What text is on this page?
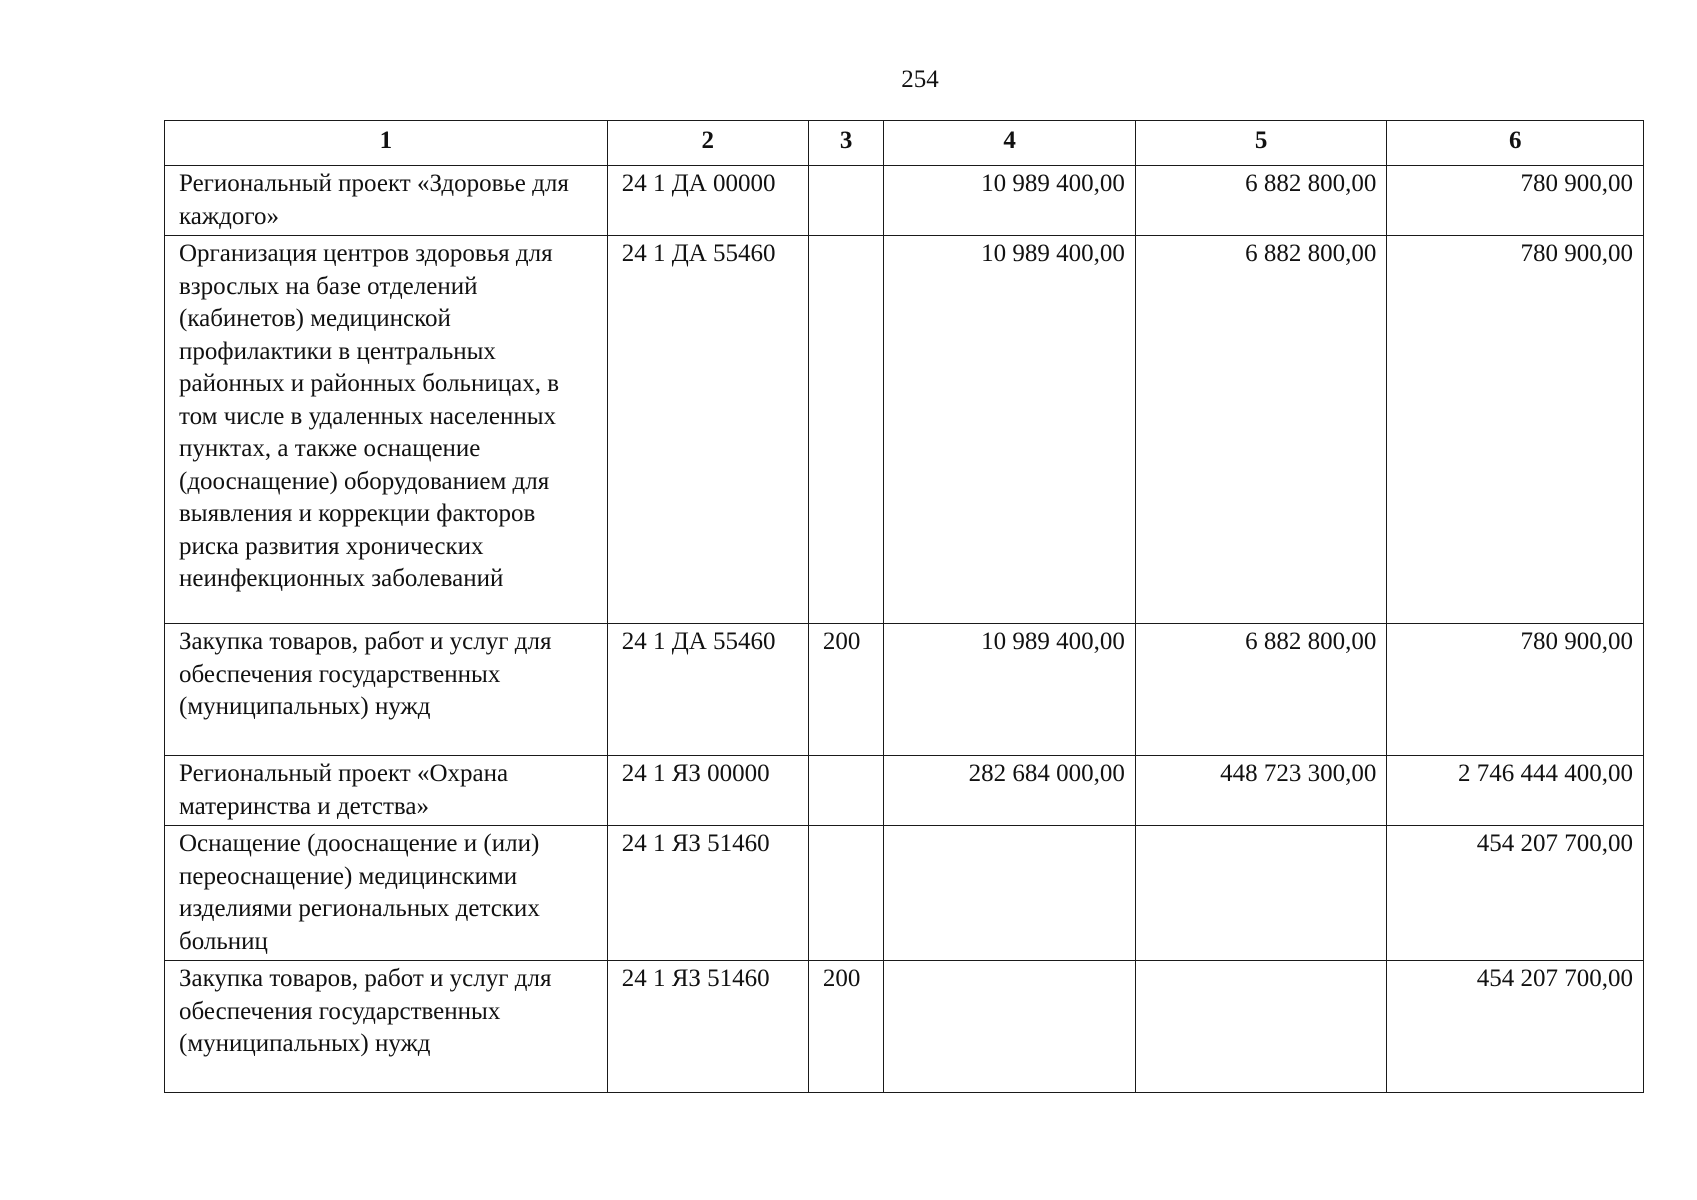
254
1	2	3	4	5	6
Региональный проект «Здоровье для каждого»	24 1 ДА 00000		10 989 400,00	6 882 800,00	780 900,00
Организация центров здоровья для взрослых на базе отделений (кабинетов) медицинской профилактики в центральных районных и районных больницах, в том числе в удаленных населенных пунктах, а также оснащение (дооснащение) оборудованием для выявления и коррекции факторов риска развития хронических неинфекционных заболеваний	24 1 ДА 55460		10 989 400,00	6 882 800,00	780 900,00
Закупка товаров, работ и услуг для обеспечения государственных (муниципальных) нужд	24 1 ДА 55460	200	10 989 400,00	6 882 800,00	780 900,00
Региональный проект «Охрана материнства и детства»	24 1 ЯЗ 00000		282 684 000,00	448 723 300,00	2 746 444 400,00
Оснащение (дооснащение и (или) переоснащение) медицинскими изделиями региональных детских больниц	24 1 ЯЗ 51460				454 207 700,00
Закупка товаров, работ и услуг для обеспечения государственных (муниципальных) нужд	24 1 ЯЗ 51460	200			454 207 700,00
